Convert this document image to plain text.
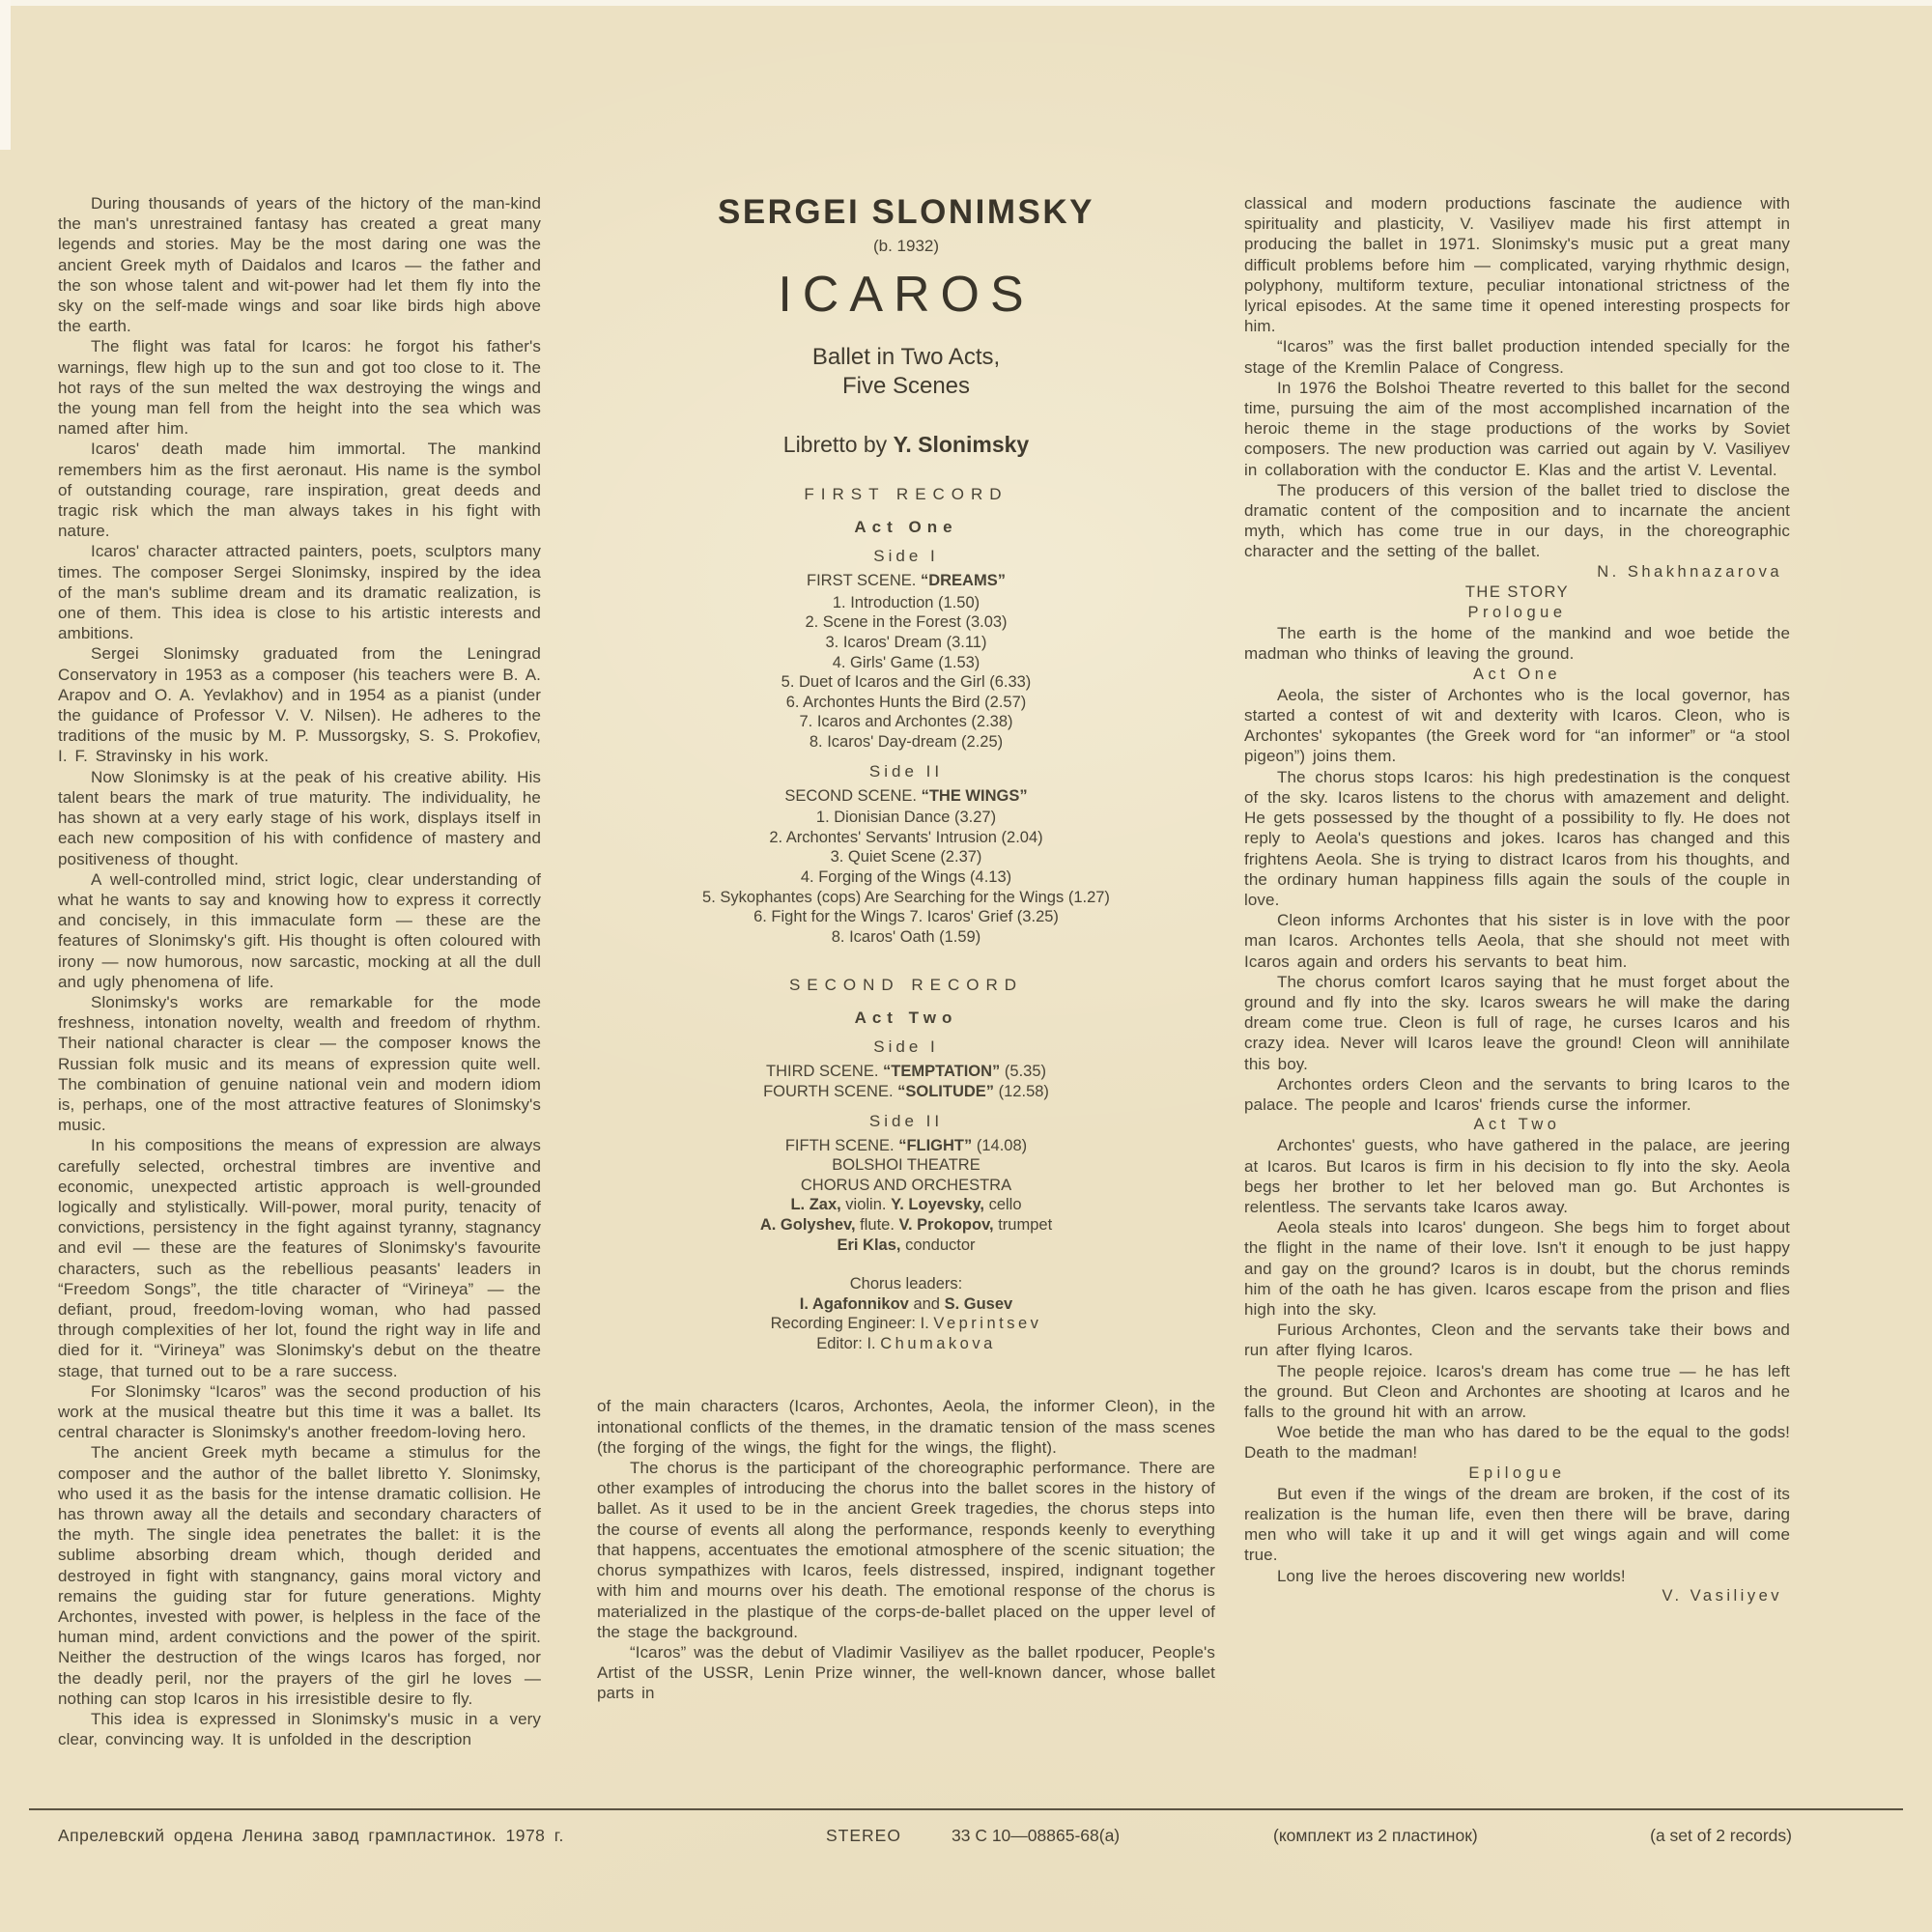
During thousands of years of the hictory of the man-kind the man's unrestrained fantasy has created a great many legends and stories. May be the most daring one was the ancient Greek myth of Daidalos and Icaros — the father and the son whose talent and wit-power had let them fly into the sky on the self-made wings and soar like birds high above the earth.

The flight was fatal for Icaros: he forgot his father's warnings, flew high up to the sun and got too close to it. The hot rays of the sun melted the wax destroying the wings and the young man fell from the height into the sea which was named after him.

Icaros' death made him immortal. The mankind remembers him as the first aeronaut. His name is the symbol of outstanding courage, rare inspiration, great deeds and tragic risk which the man always takes in his fight with nature.

Icaros' character attracted painters, poets, sculptors many times. The composer Sergei Slonimsky, inspired by the idea of the man's sublime dream and its dramatic realization, is one of them. This idea is close to his artistic interests and ambitions.

Sergei Slonimsky graduated from the Leningrad Conservatory in 1953 as a composer (his teachers were B. A. Arapov and O. A. Yevlakhov) and in 1954 as a pianist (under the guidance of Professor V. V. Nilsen). He adheres to the traditions of the music by M. P. Mussorgsky, S. S. Prokofiev, I. F. Stravinsky in his work.

Now Slonimsky is at the peak of his creative ability. His talent bears the mark of true maturity. The individuality, he has shown at a very early stage of his work, displays itself in each new composition of his with confidence of mastery and positiveness of thought.

A well-controlled mind, strict logic, clear understanding of what he wants to say and knowing how to express it correctly and concisely, in this immaculate form — these are the features of Slonimsky's gift. His thought is often coloured with irony — now humorous, now sarcastic, mocking at all the dull and ugly phenomena of life.

Slonimsky's works are remarkable for the mode freshness, intonation novelty, wealth and freedom of rhythm. Their national character is clear — the composer knows the Russian folk music and its means of expression quite well. The combination of genuine national vein and modern idiom is, perhaps, one of the most attractive features of Slonimsky's music.

In his compositions the means of expression are always carefully selected, orchestral timbres are inventive and economic, unexpected artistic approach is well-grounded logically and stylistically. Will-power, moral purity, tenacity of convictions, persistency in the fight against tyranny, stagnancy and evil — these are the features of Slonimsky's favourite characters, such as the rebellious peasants' leaders in “Freedom Songs”, the title character of “Virineya” — the defiant, proud, freedom-loving woman, who had passed through complexities of her lot, found the right way in life and died for it. “Virineya” was Slonimsky's debut on the theatre stage, that turned out to be a rare success.

For Slonimsky “Icaros” was the second production of his work at the musical theatre but this time it was a ballet. Its central character is Slonimsky's another freedom-loving hero.

The ancient Greek myth became a stimulus for the composer and the author of the ballet libretto Y. Slonimsky, who used it as the basis for the intense dramatic collision. He has thrown away all the details and secondary characters of the myth. The single idea penetrates the ballet: it is the sublime absorbing dream which, though derided and destroyed in fight with stangnancy, gains moral victory and remains the guiding star for future generations. Mighty Archontes, invested with power, is helpless in the face of the human mind, ardent convictions and the power of the spirit. Neither the destruction of the wings Icaros has forged, nor the deadly peril, nor the prayers of the girl he loves — nothing can stop Icaros in his irresistible desire to fly.

This idea is expressed in Slonimsky's music in a very clear, convincing way. It is unfolded in the description

SERGEI SLONIMSKY
(b. 1932)
ICAROS
Ballet in Two Acts,
Five Scenes
Libretto by Y. Slonimsky
FIRST RECORD
Act One
Side I
FIRST SCENE. “DREAMS”
1. Introduction (1.50)
2. Scene in the Forest (3.03)
3. Icaros' Dream (3.11)
4. Girls' Game (1.53)
5. Duet of Icaros and the Girl (6.33)
6. Archontes Hunts the Bird (2.57)
7. Icaros and Archontes (2.38)
8. Icaros' Day-dream (2.25)
Side II
SECOND SCENE. “THE WINGS”
1. Dionisian Dance (3.27)
2. Archontes' Servants' Intrusion (2.04)
3. Quiet Scene (2.37)
4. Forging of the Wings (4.13)
5. Sykophantes (cops) Are Searching for the Wings (1.27)
6. Fight for the Wings 7. Icaros' Grief (3.25)
8. Icaros' Oath (1.59)
SECOND RECORD
Act Two
Side I
THIRD SCENE. “TEMPTATION” (5.35)
FOURTH SCENE. “SOLITUDE” (12.58)
Side II
FIFTH SCENE. “FLIGHT” (14.08)
BOLSHOI THEATRE
CHORUS AND ORCHESTRA
L. Zax, violin. Y. Loyevsky, cello
A. Golyshev, flute. V. Prokopov, trumpet
Eri Klas, conductor
Chorus leaders:
I. Agafonnikov and S. Gusev
Recording Engineer: I. Veprintsev
Editor: I. Chumakova

of the main characters (Icaros, Archontes, Aeola, the informer Cleon), in the intonational conflicts of the themes, in the dramatic tension of the mass scenes (the forging of the wings, the fight for the wings, the flight).

The chorus is the participant of the choreographic performance. There are other examples of introducing the chorus into the ballet scores in the history of ballet. As it used to be in the ancient Greek tragedies, the chorus steps into the course of events all along the performance, responds keenly to everything that happens, accentuates the emotional atmosphere of the scenic situation; the chorus sympathizes with Icaros, feels distressed, inspired, indignant together with him and mourns over his death. The emotional response of the chorus is materialized in the plastique of the corps-de-ballet placed on the upper level of the stage the background.

“Icaros” was the debut of Vladimir Vasiliyev as the ballet rpoducer, People's Artist of the USSR, Lenin Prize winner, the well-known dancer, whose ballet parts in

classical and modern productions fascinate the audience with spirituality and plasticity, V. Vasiliyev made his first attempt in producing the ballet in 1971. Slonimsky's music put a great many difficult problems before him — complicated, varying rhythmic design, polyphony, multiform texture, peculiar intonational strictness of the lyrical episodes. At the same time it opened interesting prospects for him.

“Icaros” was the first ballet production intended specially for the stage of the Kremlin Palace of Congress.

In 1976 the Bolshoi Theatre reverted to this ballet for the second time, pursuing the aim of the most accomplished incarnation of the heroic theme in the stage productions of the works by Soviet composers. The new production was carried out again by V. Vasiliyev in collaboration with the conductor E. Klas and the artist V. Levental.

The producers of this version of the ballet tried to disclose the dramatic content of the composition and to incarnate the ancient myth, which has come true in our days, in the choreographic character and the setting of the ballet.

N. Shakhnazarova
THE STORY
Prologue

The earth is the home of the mankind and woe betide the madman who thinks of leaving the ground.

Act One

Aeola, the sister of Archontes who is the local governor, has started a contest of wit and dexterity with Icaros. Cleon, who is Archontes' sykopantes (the Greek word for “an informer” or “a stool pigeon”) joins them.

The chorus stops Icaros: his high predestination is the conquest of the sky. Icaros listens to the chorus with amazement and delight. He gets possessed by the thought of a possibility to fly. He does not reply to Aeola's questions and jokes. Icaros has changed and this frightens Aeola. She is trying to distract Icaros from his thoughts, and the ordinary human happiness fills again the souls of the couple in love.

Cleon informs Archontes that his sister is in love with the poor man Icaros. Archontes tells Aeola, that she should not meet with Icaros again and orders his servants to beat him.

The chorus comfort Icaros saying that he must forget about the ground and fly into the sky. Icaros swears he will make the daring dream come true. Cleon is full of rage, he curses Icaros and his crazy idea. Never will Icaros leave the ground! Cleon will annihilate this boy.

Archontes orders Cleon and the servants to bring Icaros to the palace. The people and Icaros' friends curse the informer.

Act Two

Archontes' guests, who have gathered in the palace, are jeering at Icaros. But Icaros is firm in his decision to fly into the sky. Aeola begs her brother to let her beloved man go. But Archontes is relentless. The servants take Icaros away.

Aeola steals into Icaros' dungeon. She begs him to forget about the flight in the name of their love. Isn't it enough to be just happy and gay on the ground? Icaros is in doubt, but the chorus reminds him of the oath he has given. Icaros escape from the prison and flies high into the sky.

Furious Archontes, Cleon and the servants take their bows and run after flying Icaros.

The people rejoice. Icaros's dream has come true — he has left the ground. But Cleon and Archontes are shooting at Icaros and he falls to the ground hit with an arrow.

Woe betide the man who has dared to be the equal to the gods! Death to the madman!

Epilogue

But even if the wings of the dream are broken, if the cost of its realization is the human life, even then there will be brave, daring men who will take it up and it will get wings again and will come true.

Long live the heroes discovering new worlds!

V. Vasiliyev
Апрелевский ордена Ленина завод грампластинок. 1978 г.	STEREO	33 С 10—08865-68(a)	(комплект из 2 пластинок)	(a set of 2 records)
